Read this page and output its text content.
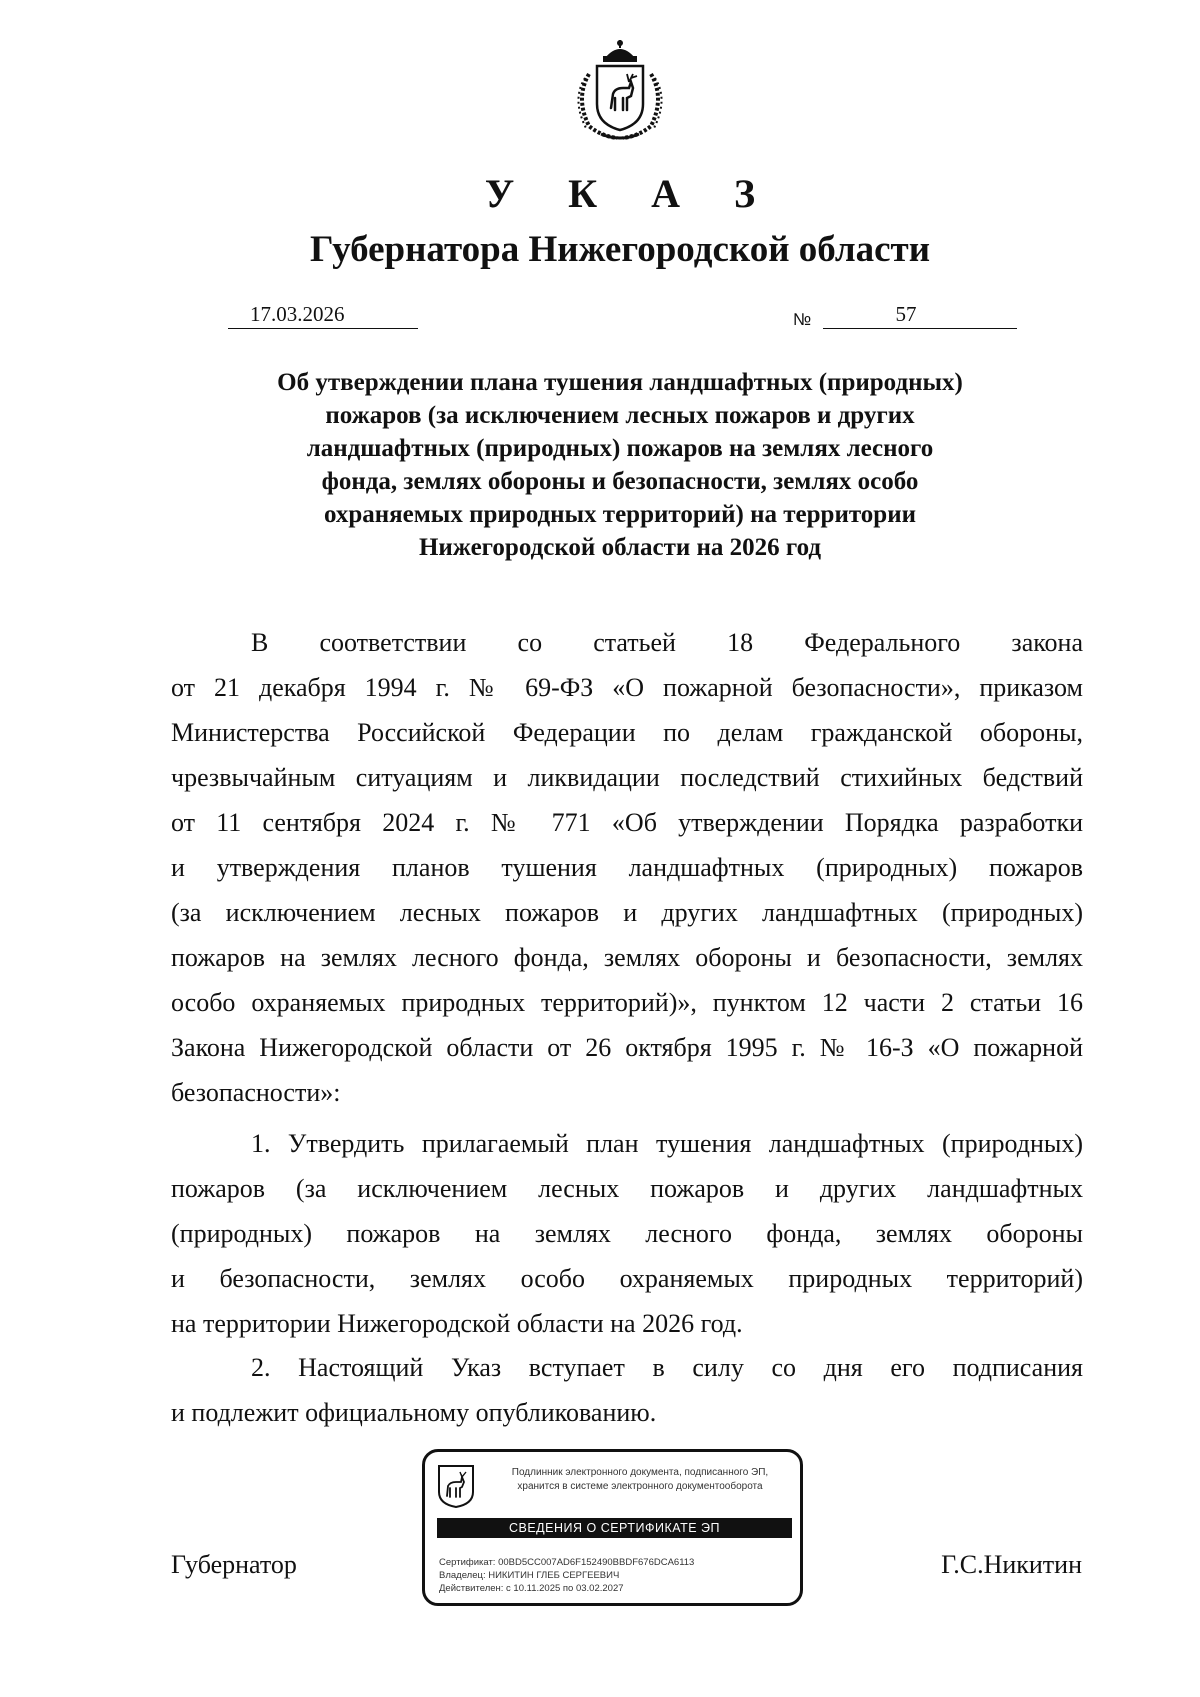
У К А З
Губернатора Нижегородской области
17.03.2026	№	57
Об утверждении плана тушения ландшафтных (природных)
пожаров (за исключением лесных пожаров и других
ландшафтных (природных) пожаров на землях лесного
фонда, землях обороны и безопасности, землях особо
охраняемых природных территорий) на территории
Нижегородской области на 2026 год
В соответствии со статьей 18 Федерального закона
от 21 декабря 1994 г. № 69-ФЗ «О пожарной безопасности», приказом
Министерства Российской Федерации по делам гражданской обороны,
чрезвычайным ситуациям и ликвидации последствий стихийных бедствий
от 11 сентября 2024 г. № 771 «Об утверждении Порядка разработки
и утверждения планов тушения ландшафтных (природных) пожаров
(за исключением лесных пожаров и других ландшафтных (природных)
пожаров на землях лесного фонда, землях обороны и безопасности, землях
особо охраняемых природных территорий)», пунктом 12 части 2 статьи 16
Закона Нижегородской области от 26 октября 1995 г. № 16-З «О пожарной
безопасности»:
1. Утвердить прилагаемый план тушения ландшафтных (природных)
пожаров (за исключением лесных пожаров и других ландшафтных
(природных) пожаров на землях лесного фонда, землях обороны
и безопасности, землях особо охраняемых природных территорий)
на территории Нижегородской области на 2026 год.
2. Настоящий Указ вступает в силу со дня его подписания
и подлежит официальному опубликованию.
Губернатор	Г.С.Никитин
Подлинник электронного документа, подписанного ЭП,
хранится в системе электронного документооборота
СВЕДЕНИЯ О СЕРТИФИКАТЕ ЭП
Сертификат: 00BD5CC007AD6F152490BBDF676DCA6113
Владелец: НИКИТИН ГЛЕБ СЕРГЕЕВИЧ
Действителен: с 10.11.2025 по 03.02.2027
